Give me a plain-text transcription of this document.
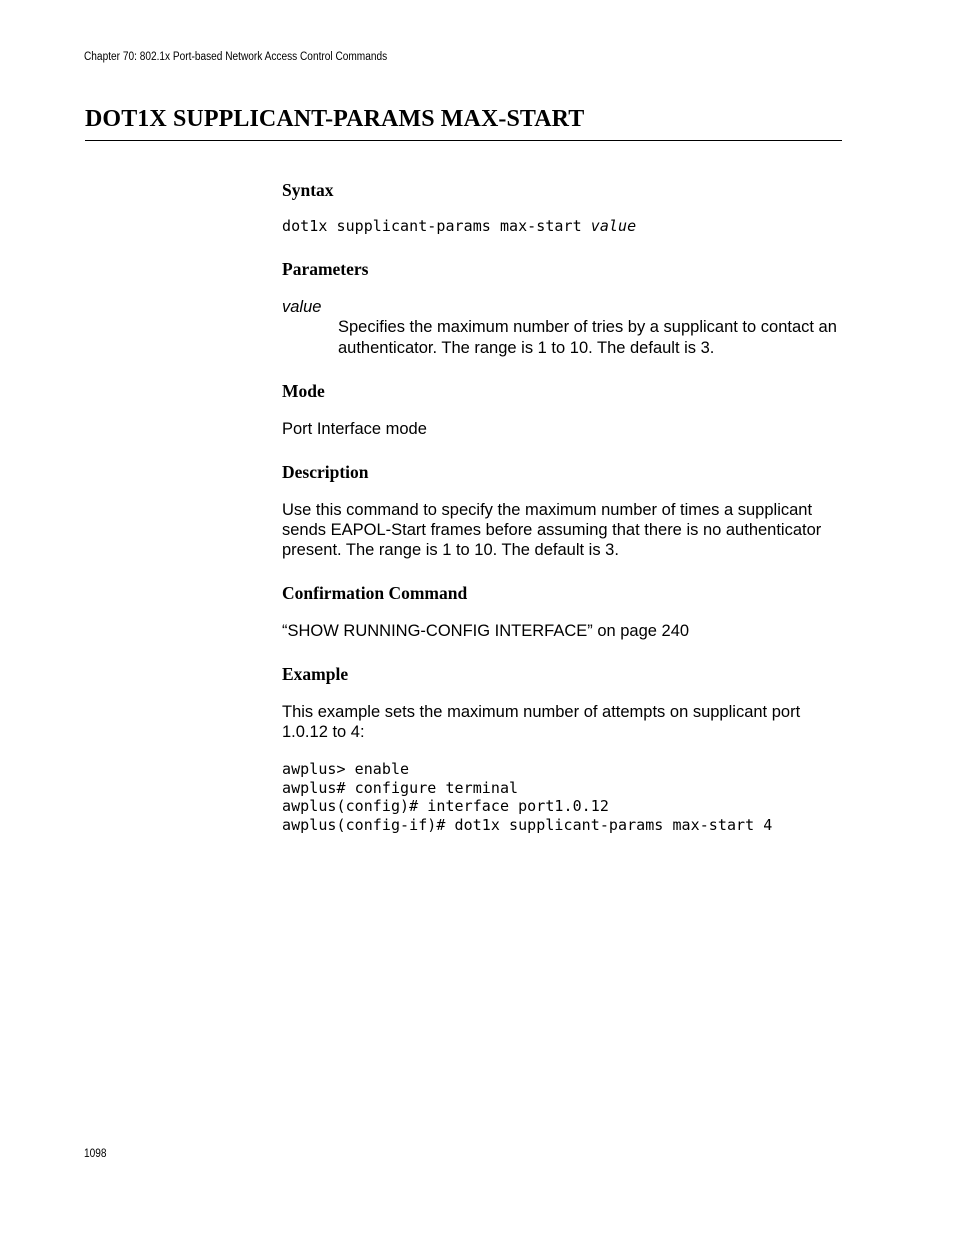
Chapter 70: 802.1x Port-based Network Access Control Commands
DOT1X SUPPLICANT-PARAMS MAX-START
Syntax
dot1x supplicant-params max-start value
Parameters
value

Specifies the maximum number of tries by a supplicant to contact an authenticator. The range is 1 to 10. The default is 3.

Mode

Port Interface mode

Description

Use this command to specify the maximum number of times a supplicant sends EAPOL-Start frames before assuming that there is no authenticator present. The range is 1 to 10. The default is 3.

Confirmation Command

“SHOW RUNNING-CONFIG INTERFACE” on page 240

Example

This example sets the maximum number of attempts on supplicant port 1.0.12 to 4:

awplus> enable
awplus# configure terminal
awplus(config)# interface port1.0.12
awplus(config-if)# dot1x supplicant-params max-start 4
1098
